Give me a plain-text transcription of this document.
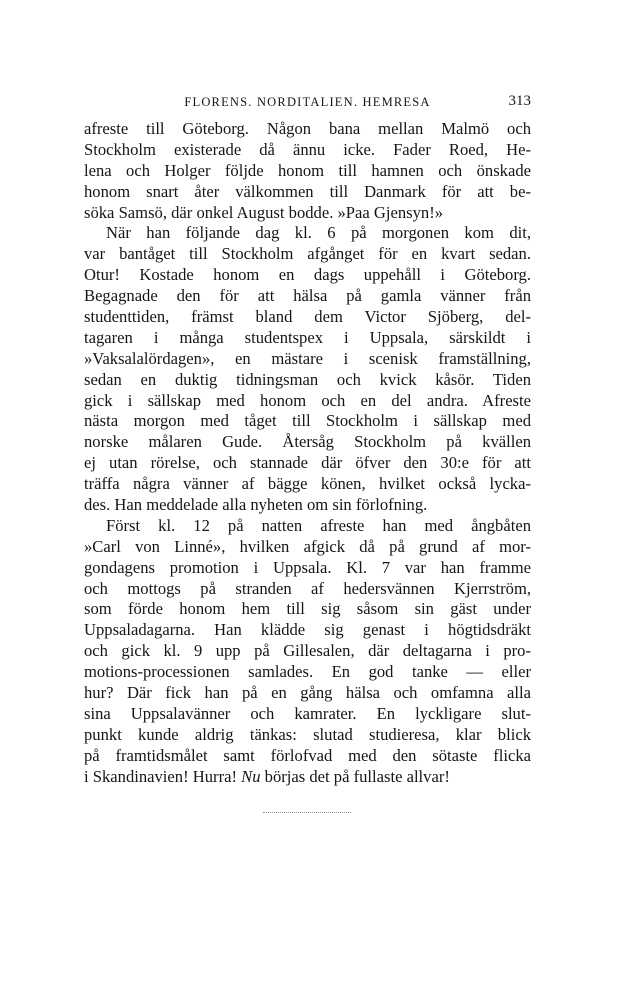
FLORENS. NORDITALIEN. HEMRESA	313
afreste till Göteborg. Någon bana mellan Malmö och
Stockholm existerade då ännu icke. Fader Roed, He-
lena och Holger följde honom till hamnen och önskade
honom snart åter välkommen till Danmark för att be-
söka Samsö, där onkel August bodde. »Paa Gjensyn!»
När han följande dag kl. 6 på morgonen kom dit,
var bantåget till Stockholm afgånget för en kvart sedan.
Otur! Kostade honom en dags uppehåll i Göteborg.
Begagnade den för att hälsa på gamla vänner från
studenttiden, främst bland dem Victor Sjöberg, del-
tagaren i många studentspex i Uppsala, särskildt i
»Vaksalalördagen», en mästare i scenisk framställning,
sedan en duktig tidningsman och kvick kåsör. Tiden
gick i sällskap med honom och en del andra. Afreste
nästa morgon med tåget till Stockholm i sällskap med
norske målaren Gude. Återsåg Stockholm på kvällen
ej utan rörelse, och stannade där öfver den 30:e för att
träffa några vänner af bägge könen, hvilket också lycka-
des. Han meddelade alla nyheten om sin förlofning.
Först kl. 12 på natten afreste han med ångbåten
»Carl von Linné», hvilken afgick då på grund af mor-
gondagens promotion i Uppsala. Kl. 7 var han framme
och mottogs på stranden af hedersvännen Kjerrström,
som förde honom hem till sig såsom sin gäst under
Uppsaladagarna. Han klädde sig genast i högtidsdräkt
och gick kl. 9 upp på Gillesalen, där deltagarna i pro-
motions-processionen samlades. En god tanke — eller
hur? Där fick han på en gång hälsa och omfamna alla
sina Uppsalavänner och kamrater. En lyckligare slut-
punkt kunde aldrig tänkas: slutad studieresa, klar blick
på framtidsmålet samt förlofvad med den sötaste flicka
i Skandinavien! Hurra! Nu börjas det på fullaste allvar!
